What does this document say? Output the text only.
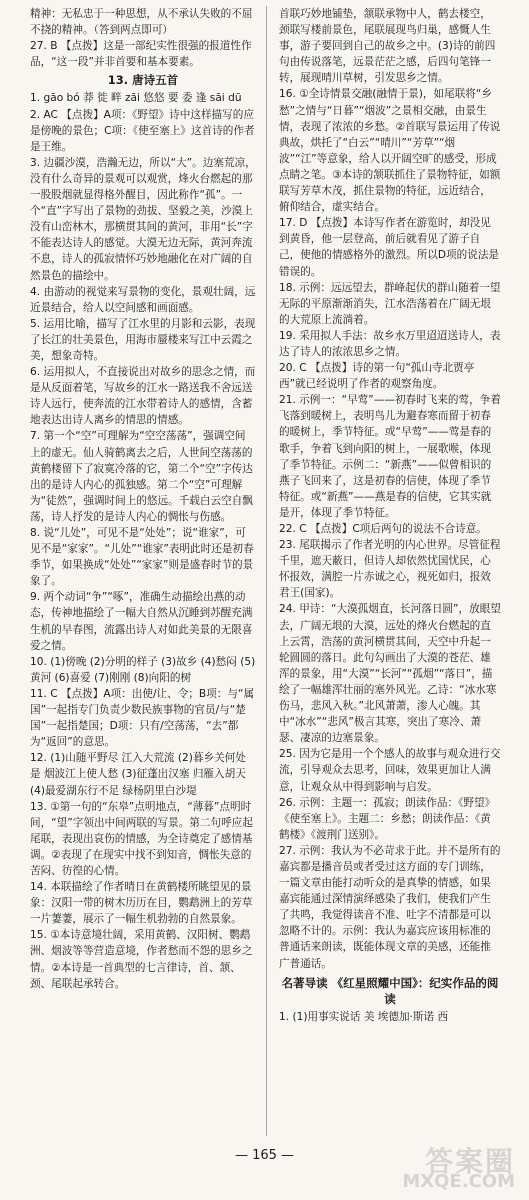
精神：无私忠于一种思想，从不承认失败的不屈不挠的精神。（答到两点即可）

27. B 【点拨】这是一部纪实性很强的报道性作品，“这一段”并非首要和基本要素。

13. 唐诗五首

1. gāo bó 莽 徙 畔 zāi 悠悠 要 委 逢 sāi dū

2. AC 【点拨】A项：《野望》诗中这样描写的应是傍晚的景色；C项：《使至塞上》这首诗的作者是王维。

3. 边疆沙漠，浩瀚无边，所以“大”。边塞荒凉，没有什么奇异的景观可以观赏，烽火台燃起的那一股股烟就显得格外醒目，因此称作“孤”。一个“直”字写出了景物的劲拔、坚毅之美，沙漠上没有山峦林木，那横贯其间的黄河，非用“长”字不能表达诗人的感觉。大漠无边无际，黄河奔流不息，诗人的孤寂情怀巧妙地融化在对广阔的自然景色的描绘中。

4. 由游动的视觉来写景物的变化，景观壮阔，远近景结合，给人以空间感和画面感。

5. 运用比喻，描写了江水里的月影和云影，表现了长江的壮美景色，用海市蜃楼来写江中云霞之美，想象奇特。

6. 运用拟人，不直接说出对故乡的思念之情，而是从反面着笔，写故乡的江水一路送我不舍远送诗人远行，使奔流的江水带着诗人的感情，含蓄地表达出诗人离乡的情思的情感。

7. 第一个“空”可理解为“空空荡荡”，强调空间上的虚无。仙人骑鹤离去之后，人世间空荡荡的黄鹤楼留下了寂寞冷落的它，第二个“空”字传达出的是诗人内心的孤独感。第二个“空”可理解为“徒然”，强调时间上的悠远。千载白云空自飘荡，诗人抒发的是诗人内心的惆怅与伤感。

8. 说“儿处”，可见不是“处处”；说“谁家”，可见不是“家家”。“儿处”“谁家”表明此时还是初春季节，如果换成“处处”“家家”则是盛春时节的景象了。

9. 两个动词“争”“啄”，准确生动描绘出燕的动态，传神地描绘了一幅大自然从沉睡到苏醒充满生机的早春图，流露出诗人对如此美景的无限喜爱之情。

10. (1)傍晚 (2)分明的样子 (3)故乡 (4)愁闷 (5)黄河 (6)喜爱 (7)刚刚 (8)向阳的树

11. C 【点拨】A项：出使/让、令；B项：与“属国”一起指专门负责少数民族事物的官员/与“楚国”一起指楚国；D项：只有/空荡荡，“去”都为“返回”的意思。

12. (1)山随平野尽 江入大荒流 (2)暮乡关何处是 烟波江上使人愁 (3)征蓬出汉塞 归雁入胡天 (4)最爱湖东行不足 绿杨阴里白沙堤

13. ①第一句的“东皋”点明地点，“薄暮”点明时间，“望”字领出中间两联的写景。第二句呼应起尾联，表现出哀伤的情感，为全诗奠定了感情基调。②表现了在现实中找不到知音，惆怅失意的苦闷、彷徨的心情。

14. 本联描绘了作者晴日在黄鹤楼所眺望见的景象：汉阳一带的树木历历在目，鹦鹉洲上的芳草一片萋萋，展示了一幅生机勃勃的自然景象。

15. ①本诗意境壮阔，采用黄鹤、汉阳树、鹦鹉洲、烟波等等营造意境，作者愁而不怨的思乡之情。②本诗是一首典型的七言律诗，首、颔、颈、尾联起承转合。

首联巧妙地铺垫，颔联承物中人，鹤去楼空，颈联写楼前景色，尾联展现鸟归巢，感慨人生事，游子要回到自己的故乡之中。(3)诗的前四句由传说落笔，远景茫茫之感，后四句笔锋一转，展现晴川草树，引发思乡之情。

16. ①全诗情景交融(融情于景)，如尾联将“乡愁”之情与“日暮”“烟波”之景相交融，由景生情，表现了浓浓的乡愁。②首联写景运用了传说典故，烘托了“白云”“晴川”“芳草”“烟波”“江”等意象，给人以开阔空旷的感受，形成点睛之笔。③本诗的颔联抓住了景物特征，如额联写芳草木茂，抓住景物的特征，远近结合，俯仰结合，虚实结合。

17. D 【点拨】本诗写作者在游览时，却没见到黄昏，他一层登高，前后就看见了游子自己，使他的情感格外的激烈。所以D项的说法是错误的。

18. 示例：远远望去，群峰起伏的群山随着一望无际的平原渐渐消失，江水浩荡着在广阔无垠的大荒原上流淌着。

19. 采用拟人手法：故乡水万里迢迢送诗人，表达了诗人的浓浓思乡之情。

20. C 【点拨】诗的第一句“孤山寺北贾亭西”就已经说明了作者的观察角度。

21. 示例一：“早莺”——初春时飞来的莺，争着飞落到暖树上，表明鸟儿为避春寒而留于初春的暖树上，季节特征。或“早莺”——莺是春的歌手，争着飞到向阳的树上，一展歌喉，体现了季节特征。示例二：“新燕”——似曾相识的燕子飞回来了，这是初春的信使，体现了季节特征。或“新燕”——燕是春的信使，它其实就是开，体现了季节特征。

22. C 【点拨】C项后两句的说法不合诗意。

23. 尾联揭示了作者光明的内心世界。尽管征程千里，遮天蔽日，但诗人却依然忧国忧民，心怀报效，满腔一片赤诚之心，视死如归，报效君王(国家)。

24. 甲诗：“大漠孤烟直，长河落日圆”，放眼望去，广阔无垠的大漠，远处的烽火台燃起的直上云霄，浩荡的黄河横贯其间，天空中升起一轮圆圆的落日。此句勾画出了大漠的苍茫、雄浑的景象，用“大漠”“长河”“孤烟”“落日”，描绘了一幅雄浑壮丽的塞外风光。乙诗：“冰水寒伤马，悲风入秋。”北风萧萧，渗人心魄。其中“冰水”“悲风”极言其寒，突出了寒冷、萧瑟、凄凉的边塞景象。

25. 因为它是用一个个感人的故事与观众进行交流，引导观众去思考，回味，效果更加让人满意，让观众从中得到影响与启发。

26. 示例：主题一：孤寂；朗读作品：《野望》《使至塞上》。主题二：乡愁；朗读作品：《黄鹤楼》《渡荆门送别》。

27. 示例：我认为不必苛求于此。并不是所有的嘉宾都是播音员或者受过这方面的专门训练，一篇文章由能打动听众的是真挚的情感，如果嘉宾能通过深情演绎感染了我们，使我们产生了共鸣，我觉得读音不准、吐字不清都是可以忽略不计的。示例：我认为嘉宾应该用标准的普通话来朗读，既能体现文章的美感，还能推广普通话。

名著导读 《红星照耀中国》：纪实作品的阅读

1. (1)用事实说话 美 埃德加·斯诺 西

— 165 —	答案圈
MXQE.COM
